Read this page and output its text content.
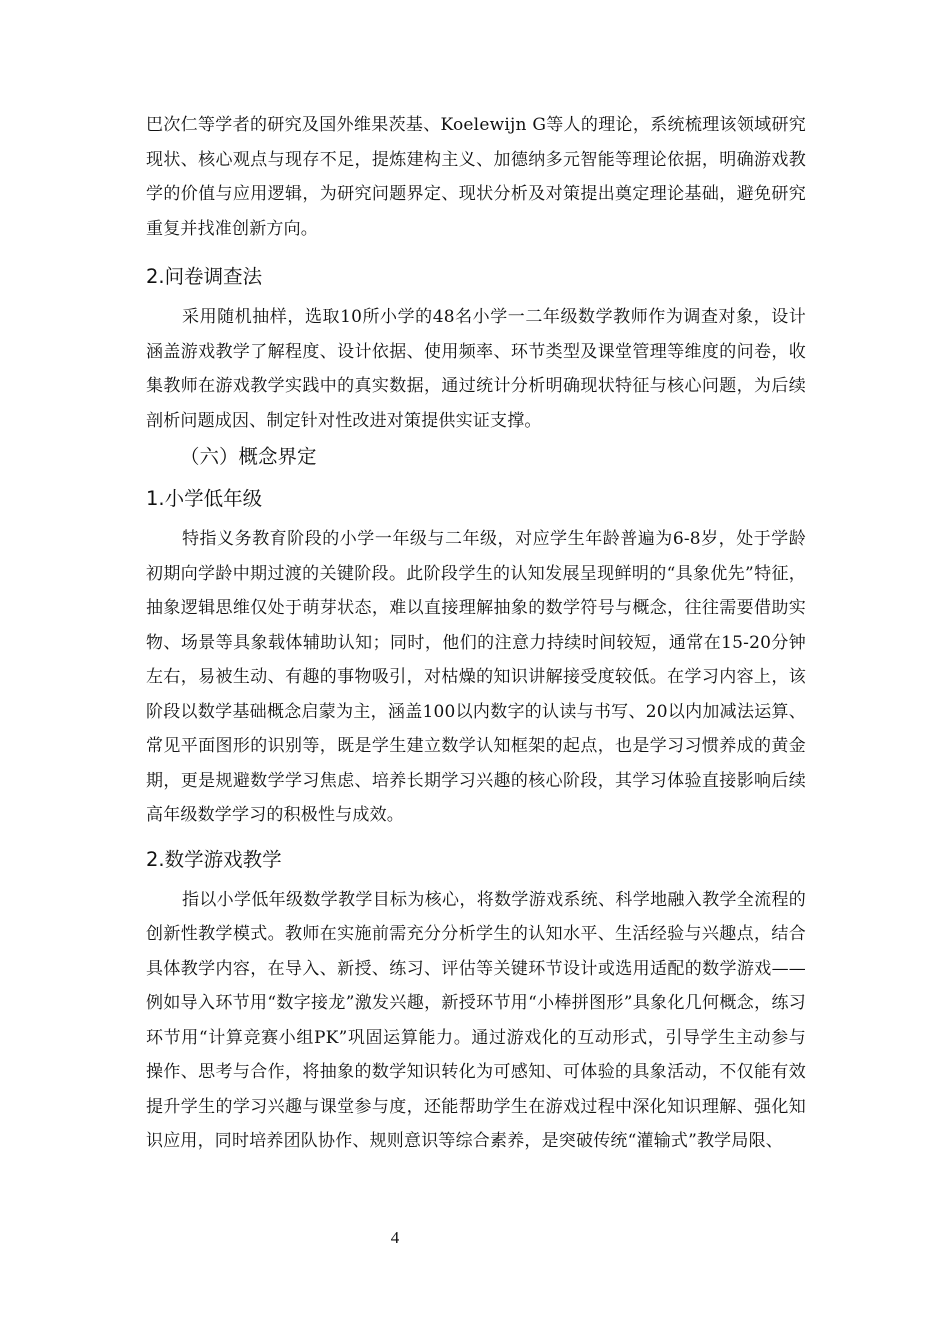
巴次仁等学者的研究及国外维果茨基、Koelewijn G等人的理论，系统梳理该领域研究现状、核心观点与现存不足，提炼建构主义、加德纳多元智能等理论依据，明确游戏教学的价值与应用逻辑，为研究问题界定、现状分析及对策提出奠定理论基础，避免研究重复并找准创新方向。

2.问卷调查法

采用随机抽样，选取10所小学的48名小学一二年级数学教师作为调查对象，设计涵盖游戏教学了解程度、设计依据、使用频率、环节类型及课堂管理等维度的问卷，收集教师在游戏教学实践中的真实数据，通过统计分析明确现状特征与核心问题，为后续剖析问题成因、制定针对性改进对策提供实证支撑。

（六）概念界定
1.小学低年级

特指义务教育阶段的小学一年级与二年级，对应学生年龄普遍为6-8岁，处于学龄初期向学龄中期过渡的关键阶段。此阶段学生的认知发展呈现鲜明的“具象优先”特征，抽象逻辑思维仅处于萌芽状态，难以直接理解抽象的数学符号与概念，往往需要借助实物、场景等具象载体辅助认知；同时，他们的注意力持续时间较短，通常在15-20分钟左右，易被生动、有趣的事物吸引，对枯燥的知识讲解接受度较低。在学习内容上，该阶段以数学基础概念启蒙为主，涵盖100以内数字的认读与书写、20以内加减法运算、常见平面图形的识别等，既是学生建立数学认知框架的起点，也是学习习惯养成的黄金期，更是规避数学学习焦虑、培养长期学习兴趣的核心阶段，其学习体验直接影响后续高年级数学学习的积极性与成效。

2.数学游戏教学

指以小学低年级数学教学目标为核心，将数学游戏系统、科学地融入教学全流程的创新性教学模式。教师在实施前需充分分析学生的认知水平、生活经验与兴趣点，结合具体教学内容，在导入、新授、练习、评估等关键环节设计或选用适配的数学游戏——例如导入环节用“数字接龙”激发兴趣，新授环节用“小棒拼图形”具象化几何概念，练习环节用“计算竞赛小组PK”巩固运算能力。通过游戏化的互动形式，引导学生主动参与操作、思考与合作，将抽象的数学知识转化为可感知、可体验的具象活动，不仅能有效提升学生的学习兴趣与课堂参与度，还能帮助学生在游戏过程中深化知识理解、强化知识应用，同时培养团队协作、规则意识等综合素养，是突破传统“灌输式”教学局限、

4
